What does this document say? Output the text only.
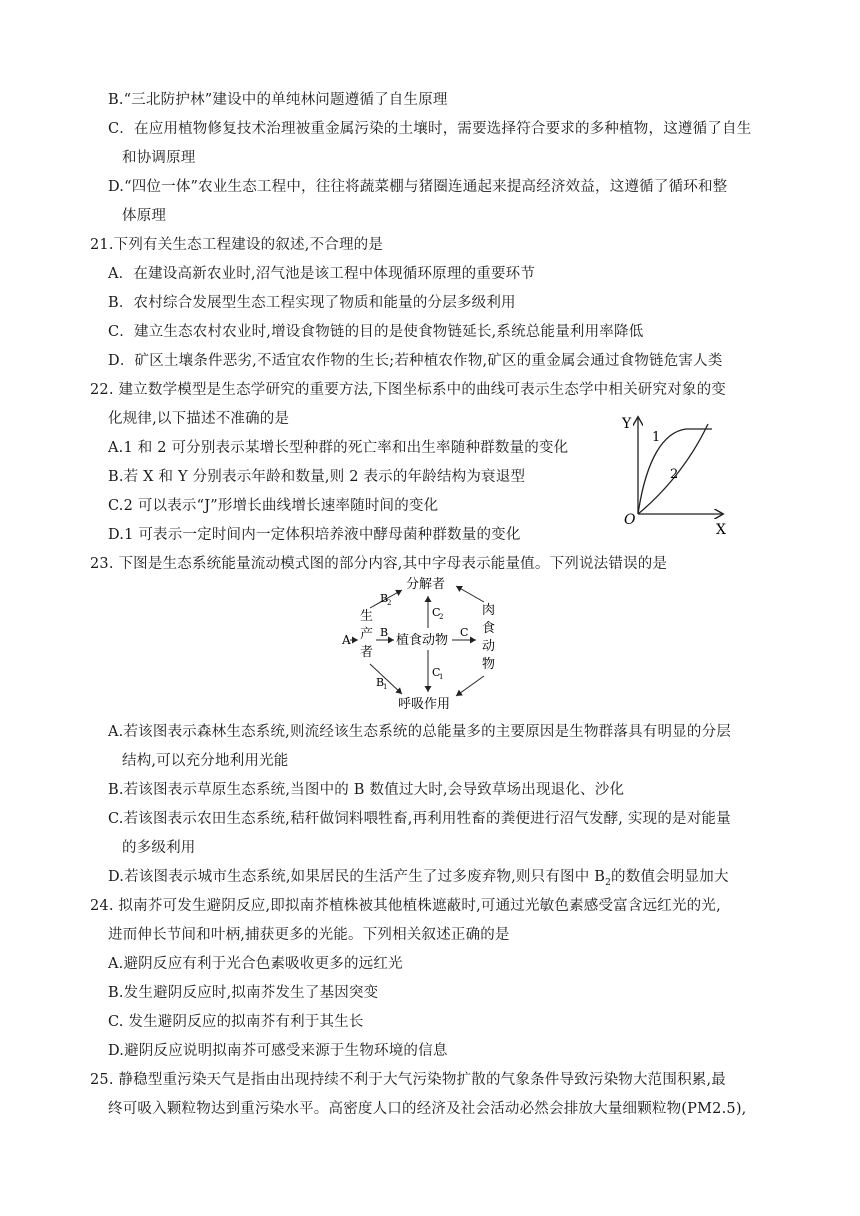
B.“三北防护林”建设中的单纯林问题遵循了自生原理
C．在应用植物修复技术治理被重金属污染的土壤时，需要选择符合要求的多种植物，这遵循了自生
和协调原理
D.“四位一体”农业生态工程中，往往将蔬菜棚与猪圈连通起来提高经济效益，这遵循了循环和整
体原理
21.下列有关生态工程建设的叙述,不合理的是
A．在建设高新农业时,沼气池是该工程中体现循环原理的重要环节
B．农村综合发展型生态工程实现了物质和能量的分层多级利用
C．建立生态农村农业时,增设食物链的目的是使食物链延长,系统总能量利用率降低
D．矿区土壤条件恶劣,不适宜农作物的生长;若种植农作物,矿区的重金属会通过食物链危害人类
22. 建立数学模型是生态学研究的重要方法,下图坐标系中的曲线可表示生态学中相关研究对象的变
化规律,以下描述不准确的是
A.1 和 2 可分别表示某增长型种群的死亡率和出生率随种群数量的变化
B.若 X 和 Y 分别表示年龄和数量,则 2 表示的年龄结构为衰退型
C.2 可以表示“J”形增长曲线增长速率随时间的变化
D.1 可表示一定时间内一定体积培养液中酵母菌种群数量的变化
Y
X
O
1
2
23. 下图是生态系统能量流动模式图的部分内容,其中字母表示能量值。下列说法错误的是
分解者
呼吸作用
生
产
者
A	植食动物
B	C
肉
食
动
物
C
2
C
1
B
2
B
1
A.若该图表示森林生态系统,则流经该生态系统的总能量多的主要原因是生物群落具有明显的分层
结构,可以充分地利用光能
B.若该图表示草原生态系统,当图中的 B 数值过大时,会导致草场出现退化、沙化
C.若该图表示农田生态系统,秸秆做饲料喂牲畜,再利用牲畜的粪便进行沼气发酵, 实现的是对能量
的多级利用
D.若该图表示城市生态系统,如果居民的生活产生了过多废弃物,则只有图中 $B_2$的数值会明显加大
24. 拟南芥可发生避阴反应,即拟南芥植株被其他植株遮蔽时,可通过光敏色素感受富含远红光的光,
进而伸长节间和叶柄,捕获更多的光能。下列相关叙述正确的是
A.避阴反应有利于光合色素吸收更多的远红光
B.发生避阴反应时,拟南芥发生了基因突变
C. 发生避阴反应的拟南芥有利于其生长
D.避阴反应说明拟南芥可感受来源于生物环境的信息
25. 静稳型重污染天气是指由出现持续不利于大气污染物扩散的气象条件导致污染物大范围积累,最
终可吸入颗粒物达到重污染水平。高密度人口的经济及社会活动必然会排放大量细颗粒物(PM2.5),
